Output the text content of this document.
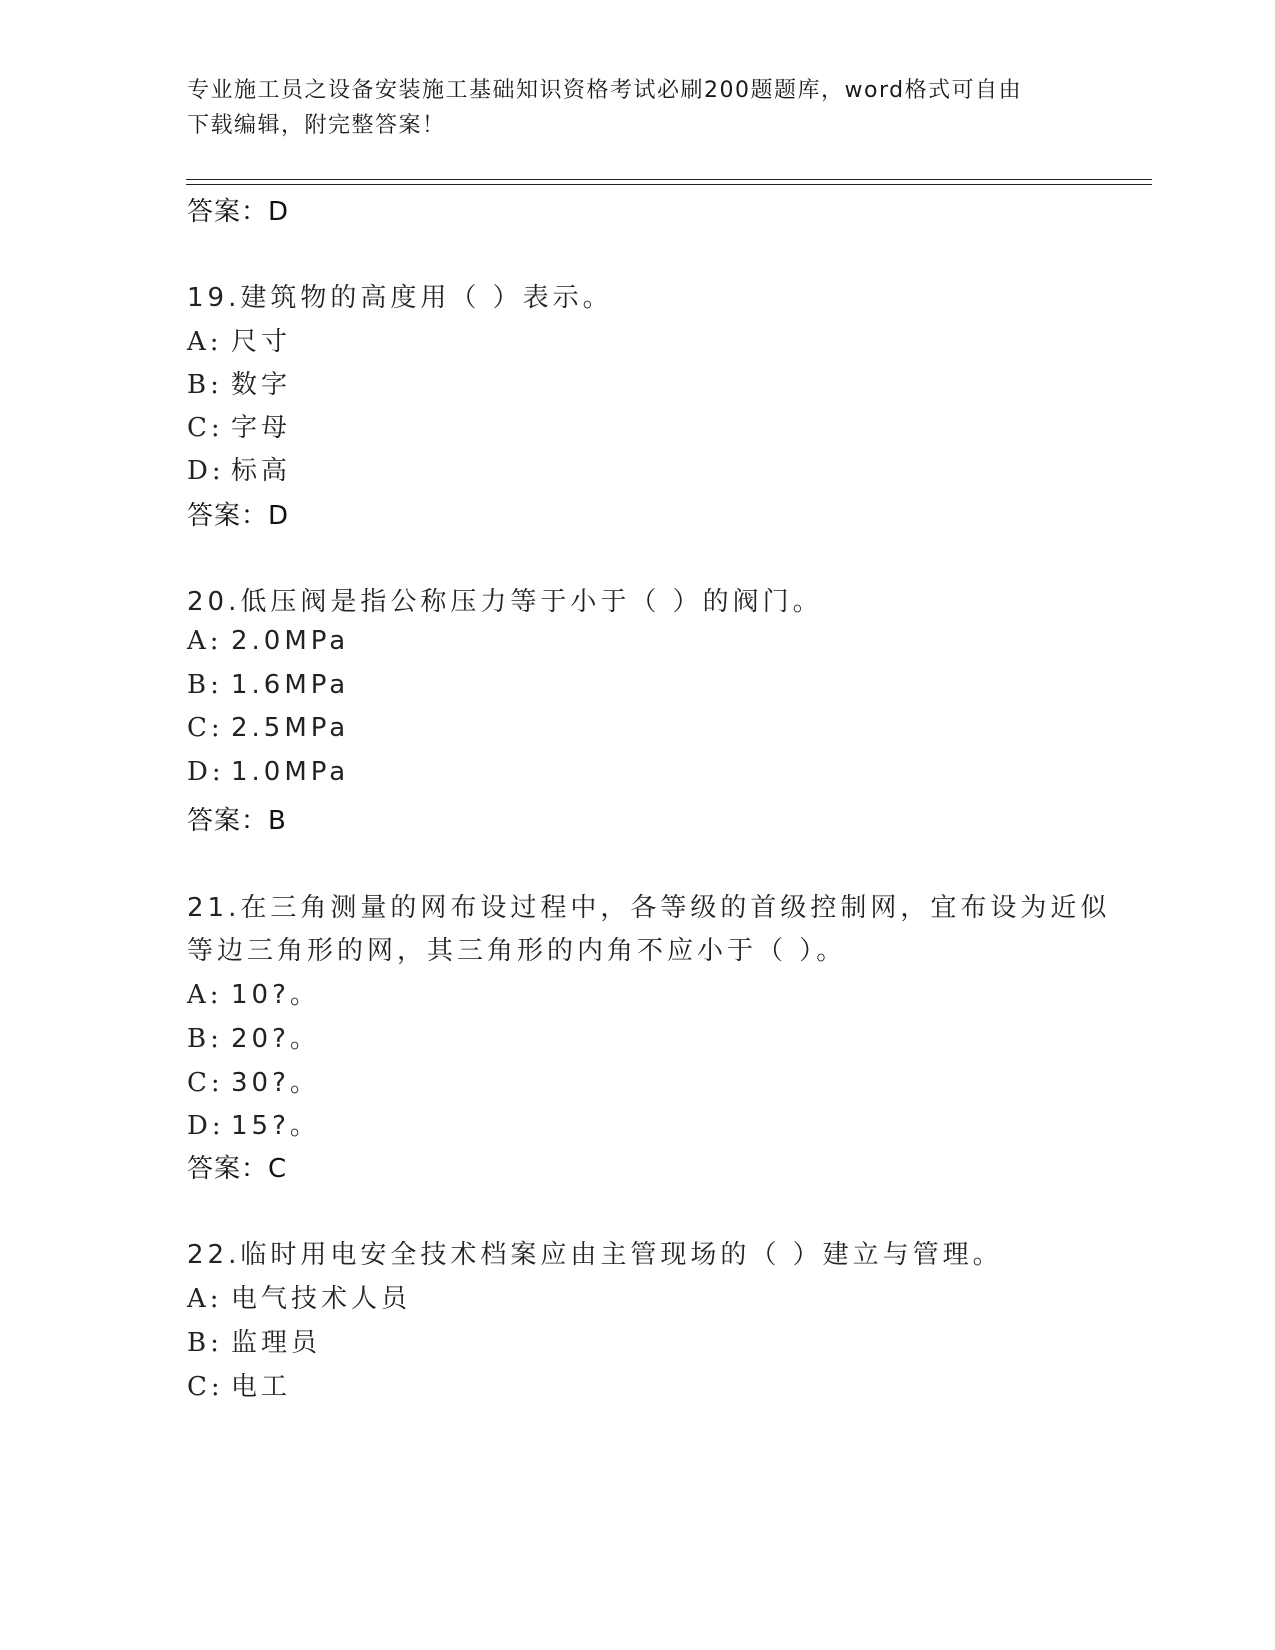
专业施工员之设备安装施工基础知识资格考试必刷200题题库，word格式可自由
下载编辑，附完整答案！
答案：D
19.建筑物的高度用（ ）表示。
A: 尺寸
B: 数字
C: 字母
D: 标高
答案：D
20.低压阀是指公称压力等于小于（ ）的阀门。
A: 2.0MPa
B: 1.6MPa
C: 2.5MPa
D: 1.0MPa
答案：B
21.在三角测量的网布设过程中，各等级的首级控制网，宜布设为近似
等边三角形的网，其三角形的内角不应小于（ ）。
A: 10?。
B: 20?。
C: 30?。
D: 15?。
答案：C
22.临时用电安全技术档案应由主管现场的（ ）建立与管理。
A: 电气技术人员
B: 监理员
C: 电工
